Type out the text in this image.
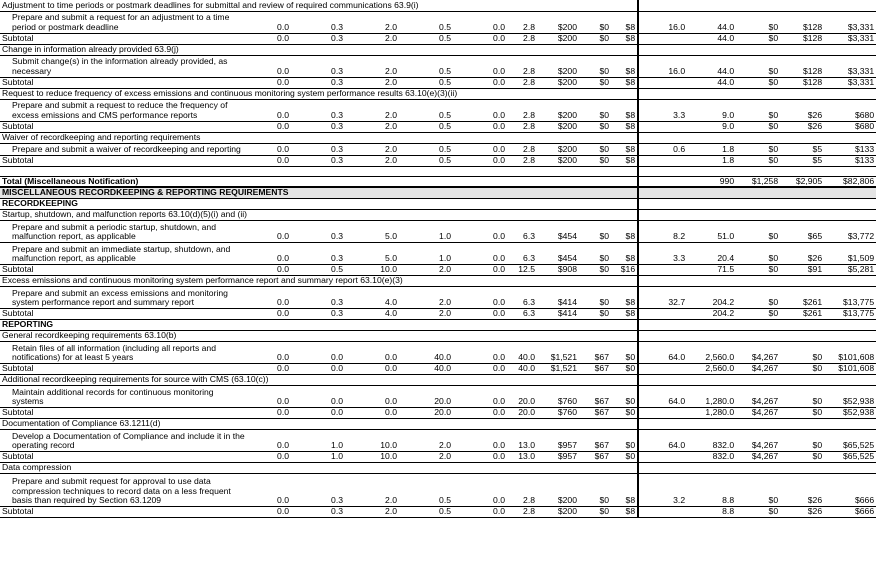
Adjustment to time periods or postmark deadlines for submittal and review of required communications 63.9(i)															
Prepare and submit a request for an adjustment to a time period or postmark deadline	0.0	0.3	2.0	0.5	0.0	2.8	$200	$0	$8	16.0	44.0	$0	$128	$3,331	
Subtotal	0.0	0.3	2.0	0.5	0.0	2.8	$200	$0	$8		44.0	$0	$128	$3,331	
Change in information already provided 63.9(j)															
Submit change(s) in the information already provided, as necessary	0.0	0.3	2.0	0.5	0.0	2.8	$200	$0	$8	16.0	44.0	$0	$128	$3,331	
Subtotal	0.0	0.3	2.0	0.5	0.0	2.8	$200	$0	$8		44.0	$0	$128	$3,331	
Request to reduce frequency of excess emissions and continuous monitoring system performance results 63.10(e)(3)(ii)															
Prepare and submit a request to reduce the frequency of excess emissions and CMS performance reports	0.0	0.3	2.0	0.5	0.0	2.8	$200	$0	$8	3.3	9.0	$0	$26	$680	
Subtotal	0.0	0.3	2.0	0.5	0.0	2.8	$200	$0	$8		9.0	$0	$26	$680	
Waiver of recordkeeping and reporting requirements															
Prepare and submit a waiver of recordkeeping and reporting	0.0	0.3	2.0	0.5	0.0	2.8	$200	$0	$8	0.6	1.8	$0	$5	$133	
Subtotal	0.0	0.3	2.0	0.5	0.0	2.8	$200	$0	$8		1.8	$0	$5	$133	

Total (Miscellaneous Notification)											990	$1,258	$2,905	$82,806	
MISCELLANEOUS RECORDKEEPING & REPORTING REQUIREMENTS															
RECORDKEEPING															
Startup, shutdown, and malfunction reports 63.10(d)(5)(i) and (ii)															
Prepare and submit a periodic startup, shutdown, and malfunction report, as applicable	0.0	0.3	5.0	1.0	0.0	6.3	$454	$0	$8	8.2	51.0	$0	$65	$3,772	
Prepare and submit an immediate startup, shutdown, and malfunction report, as applicable	0.0	0.3	5.0	1.0	0.0	6.3	$454	$0	$8	3.3	20.4	$0	$26	$1,509	
Subtotal	0.0	0.5	10.0	2.0	0.0	12.5	$908	$0	$16		71.5	$0	$91	$5,281	
Excess emissions and continuous monitoring system performance report and summary report 63.10(e)(3)															
Prepare and submit an excess emissions and monitoring system performance report and summary report	0.0	0.3	4.0	2.0	0.0	6.3	$414	$0	$8	32.7	204.2	$0	$261	$13,775	
Subtotal	0.0	0.3	4.0	2.0	0.0	6.3	$414	$0	$8		204.2	$0	$261	$13,775	
REPORTING															
General recordkeeping requirements 63.10(b)															
Retain files of all information (including all reports and notifications) for at least 5 years	0.0	0.0	0.0	40.0	0.0	40.0	$1,521	$67	$0	64.0	2,560.0	$4,267	$0	$101,608	
Subtotal	0.0	0.0	0.0	40.0	0.0	40.0	$1,521	$67	$0		2,560.0	$4,267	$0	$101,608	
Additional recordkeeping requirements for source with CMS (63.10(c))															
Maintain additional records for continuous monitoring systems	0.0	0.0	0.0	20.0	0.0	20.0	$760	$67	$0	64.0	1,280.0	$4,267	$0	$52,938	
Subtotal	0.0	0.0	0.0	20.0	0.0	20.0	$760	$67	$0		1,280.0	$4,267	$0	$52,938	
Documentation of Compliance 63.1211(d)															
Develop a Documentation of Compliance and include it in the operating record	0.0	1.0	10.0	2.0	0.0	13.0	$957	$67	$0	64.0	832.0	$4,267	$0	$65,525	
Subtotal	0.0	1.0	10.0	2.0	0.0	13.0	$957	$67	$0		832.0	$4,267	$0	$65,525	
Data compression															
Prepare and submit request for approval to use data compression techniques to record data on a less frequent basis than required by Section 63.1209	0.0	0.3	2.0	0.5	0.0	2.8	$200	$0	$8	3.2	8.8	$0	$26	$666	
Subtotal	0.0	0.3	2.0	0.5	0.0	2.8	$200	$0	$8		8.8	$0	$26	$666	
